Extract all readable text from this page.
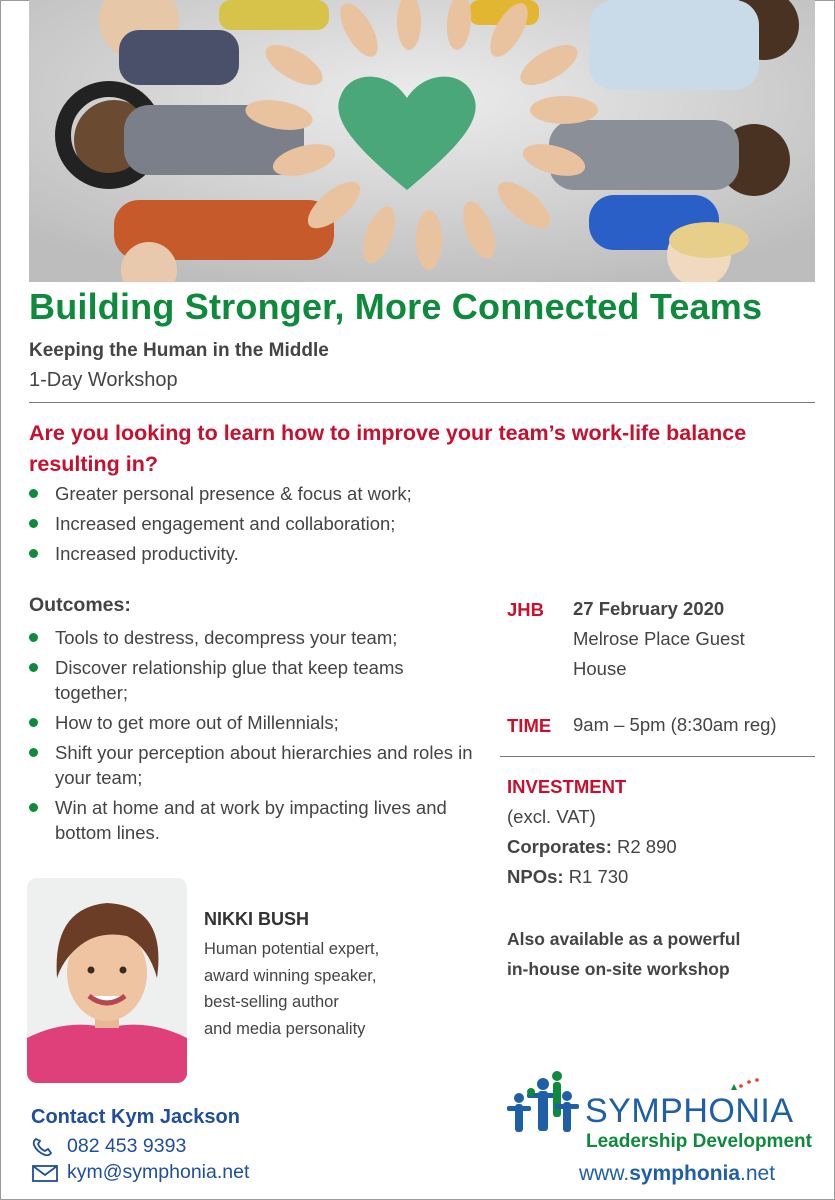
Building Stronger, More Connected Teams
Keeping the Human in the Middle
1-Day Workshop
Are you looking to learn how to improve your team’s work-life balance resulting in?
Greater personal presence & focus at work;
Increased engagement and collaboration;
Increased productivity.
Outcomes:
Tools to destress, decompress your team;
Discover relationship glue that keep teams together;
How to get more out of Millennials;
Shift your perception about hierarchies and roles in your team;
Win at home and at work by impacting lives and bottom lines.
JHB 27 February 2020
Melrose Place Guest
House
TIME 9am – 5pm (8:30am reg)
INVESTMENT
(excl. VAT)
Corporates: R2 890
NPOs: R1 730
Also available as a powerful
in-house on-site workshop
NIKKI BUSH
Human potential expert,
award winning speaker,
best-selling author
and media personality
Contact Kym Jackson
082 453 9393
kym@symphonia.net
SYMPHONIA
Leadership Development
www.symphonia.net
